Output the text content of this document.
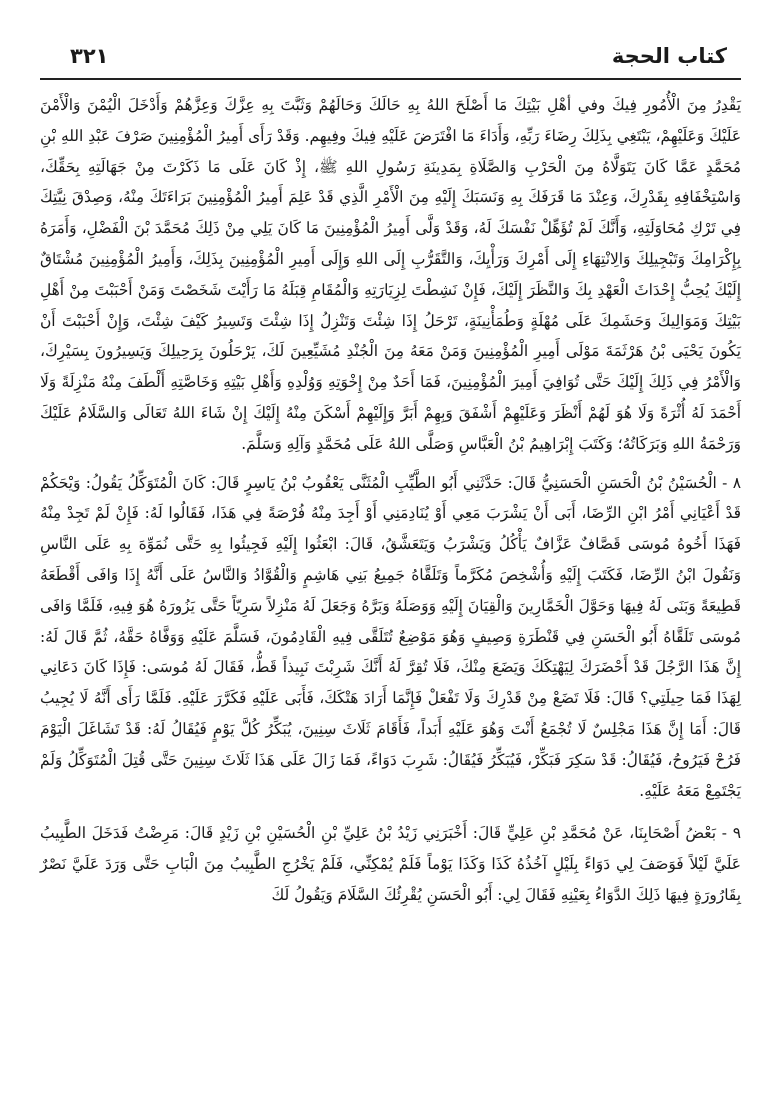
كتاب الحجة
٣٢١

يَقْدِرُ مِنَ الْأُمُورِ فِيكَ وفي أهْلِ بَيْتِكَ مَا أَصْلَحَ اللهُ بِهِ حَالَكَ وَحَالَهُمْ وَثَبَّتَ بِهِ عِزَّكَ وَعِزَّهُمْ وَأَدْخَلَ الْيُمْنَ وَالْأَمْنَ عَلَيْكَ وَعَلَيْهِمْ، يَبْتَغِي بِذَلِكَ رِضَاءَ رَبِّهِ، وَأَدَاءَ مَا افْتَرَضَ عَلَيْهِ فِيكَ وفِيهِم. وَقَدْ رَأَى أَمِيرُ الْمُؤْمِنِينَ صَرْفَ عَبْدِ اللهِ بْنِ مُحَمَّدٍ عَمَّا كَانَ يَتَوَلَّاهُ مِنَ الْحَرْبِ وَالصَّلَاةِ بِمَدِينَةِ رَسُولِ اللهِ ﷺ، إِذْ كَانَ عَلَى مَا ذَكَرْتَ مِنْ جَهَالَتِهِ بِحَقِّكَ، وَاسْتِخْفَافِهِ بِقَدْرِكَ، وَعِنْدَ مَا قَرَفَكَ بِهِ وَنَسَبَكَ إِلَيْهِ مِنَ الْأَمْرِ الَّذِي قَدْ عَلِمَ أَمِيرُ الْمُؤْمِنِينَ بَرَاءَتَكَ مِنْهُ، وَصِدْقَ نِيَّتِكَ فِي تَرْكِ مُحَاوَلَتِهِ، وَأَنَّكَ لَمْ تُؤَهِّلْ نَفْسَكَ لَهُ، وَقَدْ وَلَّى أَمِيرُ الْمُؤْمِنِينَ مَا كَانَ يَلِي مِنْ ذَلِكَ مُحَمَّدَ بْنَ الْفَضْلِ، وَأَمَرَهُ بِإِكْرَامِكَ وَتَبْجِيلِكَ وَالِانْتِهَاءِ إِلَى أَمْرِكَ وَرَأْيِكَ، وَالتَّقَرُّبِ إِلَى اللهِ وَإِلَى أَمِيرِ الْمُؤْمِنِينَ بِذَلِكَ، وَأَمِيرُ الْمُؤْمِنِينَ مُشْتَاقٌ إِلَيْكَ يُحِبُّ إِحْدَاثَ الْعَهْدِ بِكَ وَالنَّظَرَ إِلَيْكَ، فَإِنْ نَشِطْتَ لِزِيَارَتِهِ وَالْمُقَامِ قِبَلَهُ مَا رَأَيْتَ شَخَصْتَ وَمَنْ أَحْبَبْتَ مِنْ أَهْلِ بَيْتِكَ وَمَوَالِيكَ وَحَشَمِكَ عَلَى مُهْلَةٍ وَطُمَأْنِينَةٍ، تَرْحَلُ إِذَا شِئْتَ وَتَنْزِلُ إِذَا شِئْتَ وَتَسِيرُ كَيْفَ شِئْتَ، وَإِنْ أَحْبَبْتَ أَنْ يَكُونَ يَحْيَى بْنُ هَرْثَمَةَ مَوْلَى أَمِيرِ الْمُؤْمِنِينَ وَمَنْ مَعَهُ مِنَ الْجُنْدِ مُشَيِّعِينَ لَكَ، يَرْحَلُونَ بِرَحِيلِكَ وَيَسِيرُونَ بِسَيْرِكَ، وَالْأَمْرُ فِي ذَلِكَ إِلَيْكَ حَتَّى تُوَافِيَ أَمِيرَ الْمُؤْمِنِينَ، فَمَا أَحَدٌ مِنْ إِخْوَتِهِ وَوُلْدِهِ وَأَهْلِ بَيْتِهِ وَخَاصَّتِهِ أَلْطَفَ مِنْهُ مَنْزِلَةً وَلَا أَحْمَدَ لَهُ أُثْرَةً وَلَا هُوَ لَهُمْ أَنْظَرَ وَعَلَيْهِمْ أَشْفَقَ وَبِهِمْ أَبَرَّ وَإِلَيْهِمْ أَسْكَنَ مِنْهُ إِلَيْكَ إِنْ شَاءَ اللهُ تَعَالَى وَالسَّلَامُ عَلَيْكَ وَرَحْمَةُ اللهِ وَبَرَكَاتُهُ؛ وَكَتَبَ إِبْرَاهِيمُ بْنُ الْعَبَّاسِ وَصَلَّى اللهُ عَلَى مُحَمَّدٍ وَآلِهِ وَسَلَّمَ.

٨ - الْحُسَيْنُ بْنُ الْحَسَنِ الْحَسَنِيُّ قَالَ: حَدَّثَنِي أَبُو الطَّيِّبِ الْمُثَنَّى يَعْقُوبُ بْنُ يَاسِرٍ قَالَ: كَانَ الْمُتَوَكِّلُ يَقُولُ: وَيْحَكُمْ قَدْ أَعْيَانِي أَمْرُ ابْنِ الرِّضَا، أَبَى أَنْ يَشْرَبَ مَعِي أَوْ يُنَادِمَنِي أَوْ أَجِدَ مِنْهُ فُرْصَةً فِي هَذَا، فَقَالُوا لَهُ: فَإِنْ لَمْ تَجِدْ مِنْهُ فَهَذَا أَخُوهُ مُوسَى قَصَّافٌ عَزَّافٌ يَأْكُلُ وَيَشْرَبُ وَيَتَعَشَّقُ، قَالَ: ابْعَثُوا إِلَيْهِ فَجِيئُوا بِهِ حَتَّى نُمَوِّهَ بِهِ عَلَى النَّاسِ وَنَقُولَ ابْنُ الرِّضَا، فَكَتَبَ إِلَيْهِ وَأُشْخِصَ مُكَرَّماً وَتَلَقَّاهُ جَمِيعُ بَنِي هَاشِمٍ وَالْقُوَّادُ وَالنَّاسُ عَلَى أَنَّهُ إِذَا وَافَى أَقْطَعَهُ قَطِيعَةً وَبَنَى لَهُ فِيهَا وَحَوَّلَ الْخَمَّارِينَ وَالْقِيَانَ إِلَيْهِ وَوَصَلَهُ وَبَرَّهُ وَجَعَلَ لَهُ مَنْزِلاً سَرِيّاً حَتَّى يَزُورَهُ هُوَ فِيهِ، فَلَمَّا وَافَى مُوسَى تَلَقَّاهُ أَبُو الْحَسَنِ فِي قَنْطَرَةِ وَصِيفٍ وَهُوَ مَوْضِعٌ تُتَلَقَّى فِيهِ الْقَادِمُونَ، فَسَلَّمَ عَلَيْهِ وَوَفَّاهُ حَقَّهُ، ثُمَّ قَالَ لَهُ: إِنَّ هَذَا الرَّجُلَ قَدْ أَحْضَرَكَ لِيَهْتِكَكَ وَيَضَعَ مِنْكَ، فَلَا تُقِرَّ لَهُ أَنَّكَ شَرِبْتَ نَبِيذاً قَطُّ، فَقَالَ لَهُ مُوسَى: فَإِذَا كَانَ دَعَانِي لِهَذَا فَمَا حِيلَتِي؟ قَالَ: فَلَا تَضَعْ مِنْ قَدْرِكَ وَلَا تَفْعَلْ فَإِنَّمَا أَرَادَ هَتْكَكَ، فَأَبَى عَلَيْهِ فَكَرَّرَ عَلَيْهِ. فَلَمَّا رَأَى أَنَّهُ لَا يُجِيبُ قَالَ: أَمَا إِنَّ هَذَا مَجْلِسٌ لَا تُجْمَعُ أَنْتَ وَهُوَ عَلَيْهِ أَبَداً، فَأَقَامَ ثَلَاثَ سِنِينَ، يُبَكِّرُ كُلَّ يَوْمٍ فَيُقَالُ لَهُ: قَدْ تَشَاغَلَ الْيَوْمَ فَرُحْ فَيَرُوحُ، فَيُقَالُ: قَدْ سَكِرَ فَبَكِّرْ، فَيُبَكِّرُ فَيُقَالُ: شَرِبَ دَوَاءً، فَمَا زَالَ عَلَى هَذَا ثَلَاثَ سِنِينَ حَتَّى قُتِلَ الْمُتَوَكِّلُ وَلَمْ يَجْتَمِعْ مَعَهُ عَلَيْهِ.

٩ - بَعْضُ أَصْحَابِنَا، عَنْ مُحَمَّدِ بْنِ عَلِيٍّ قَالَ: أَخْبَرَنِي زَيْدُ بْنُ عَلِيِّ بْنِ الْحُسَيْنِ بْنِ زَيْدٍ قَالَ: مَرِضْتُ فَدَخَلَ الطَّبِيبُ عَلَيَّ لَيْلاً فَوَصَفَ لِي دَوَاءً بِلَيْلٍ آخُذُهُ كَذَا وَكَذَا يَوْماً فَلَمْ يُمْكِنِّي، فَلَمْ يَخْرُجِ الطَّبِيبُ مِنَ الْبَابِ حَتَّى وَرَدَ عَلَيَّ نَصْرٌ بِقَارُورَةٍ فِيهَا ذَلِكَ الدَّوَاءُ بِعَيْنِهِ فَقَالَ لِي: أَبُو الْحَسَنِ يُقْرِئُكَ السَّلَامَ وَيَقُولُ لَكَ
